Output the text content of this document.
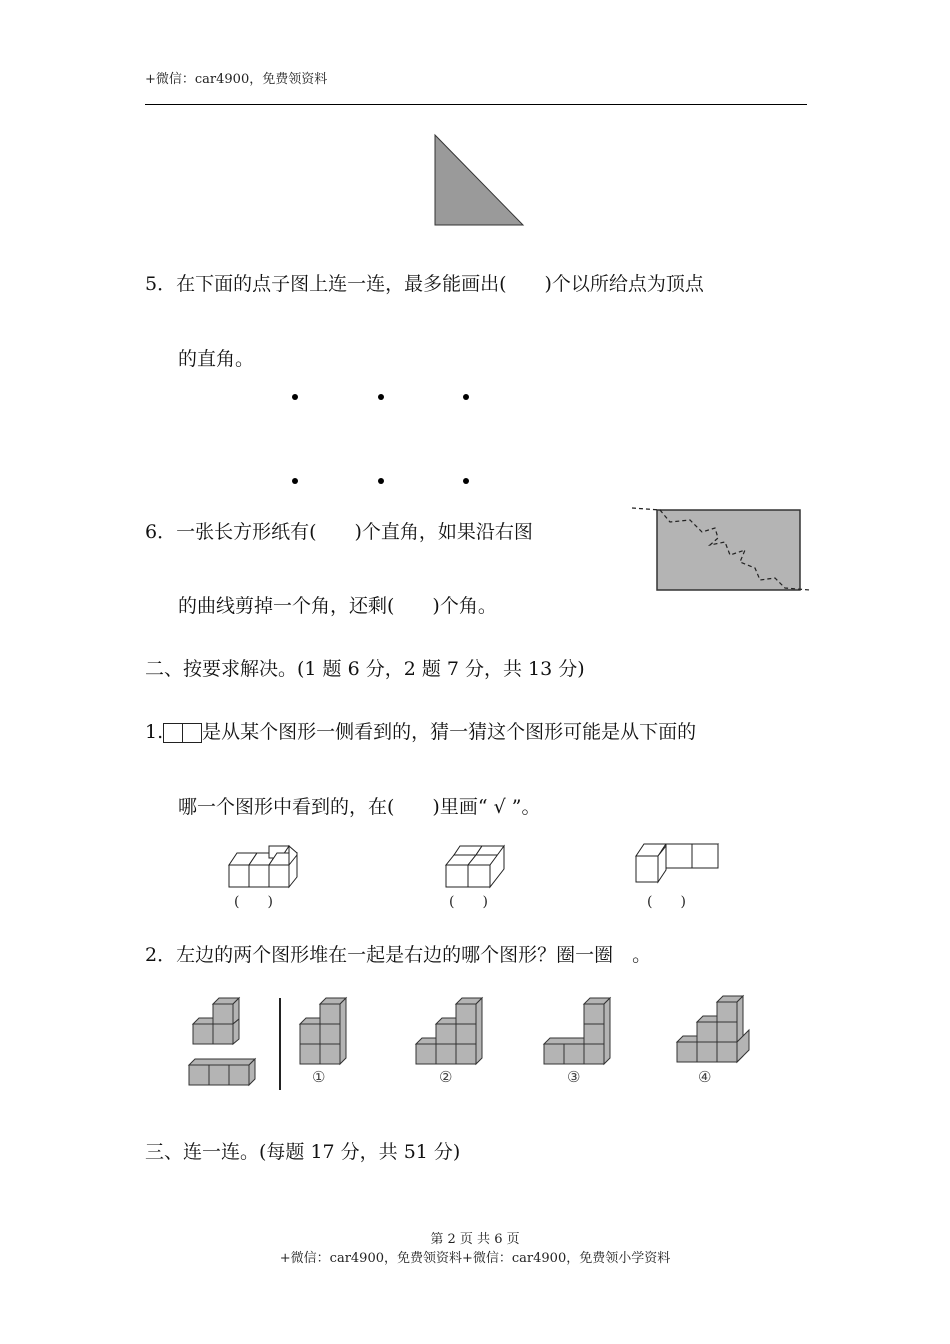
+微信：car4900，免费领资料
5．在下面的点子图上连一连，最多能画出(　　)个以所给点为顶点
的直角。
6．一张长方形纸有(　　)个直角，如果沿右图
的曲线剪掉一个角，还剩(　　)个角。
二、按要求解决。(1 题 6 分，2 题 7 分，共 13 分)
1. 是从某个图形一侧看到的，猜一猜这个图形可能是从下面的
哪一个图形中看到的，在(　　)里画“ √ ”。
(　　)	(　　)	(　　)
2．左边的两个图形堆在一起是右边的哪个图形？圈一圈　。
①	②	③	④
三、连一连。(每题 17 分，共 51 分)
第 2 页 共 6 页
+微信：car4900，免费领资料+微信：car4900，免费领小学资料
